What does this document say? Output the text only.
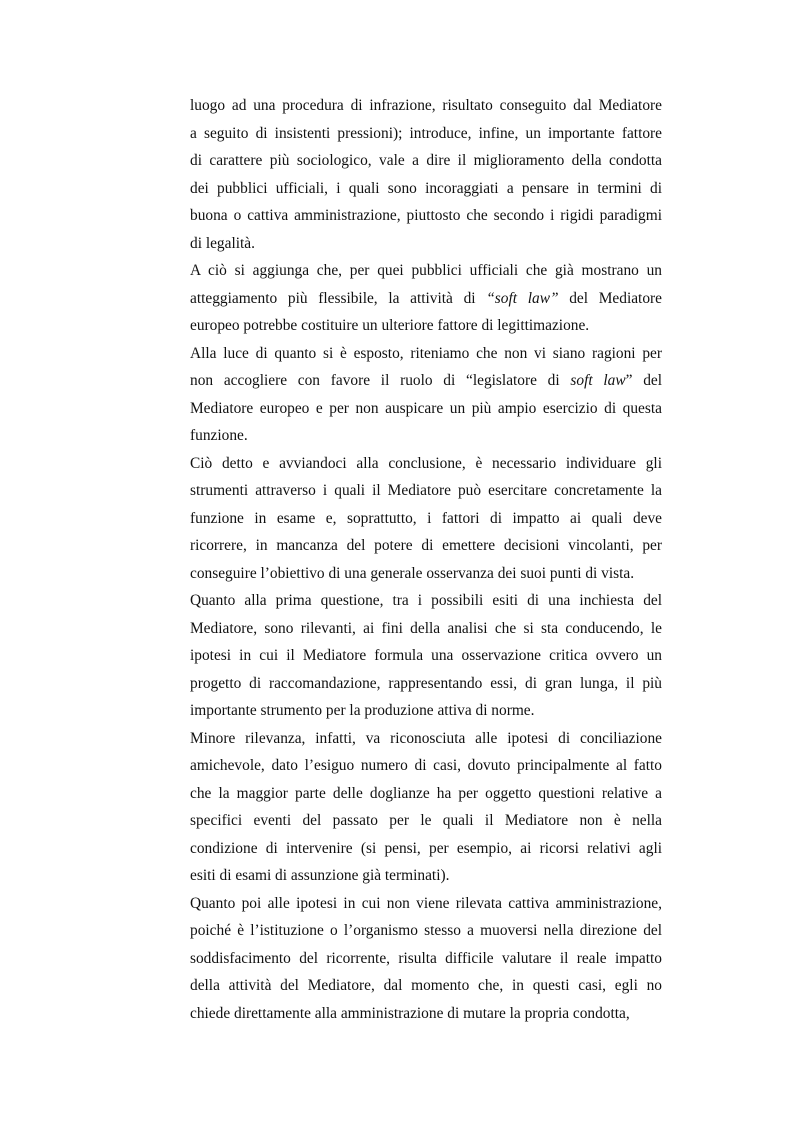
luogo ad una procedura di infrazione, risultato conseguito dal Mediatore
a seguito di insistenti pressioni); introduce, infine, un importante fattore
di carattere più sociologico, vale a dire il miglioramento della condotta
dei pubblici ufficiali, i quali sono incoraggiati a pensare in termini di
buona o cattiva amministrazione, piuttosto che secondo i rigidi paradigmi
di legalità.
A ciò si aggiunga che, per quei pubblici ufficiali che già mostrano un
atteggiamento più flessibile, la attività di “soft law” del Mediatore
europeo potrebbe costituire un ulteriore fattore di legittimazione.
Alla luce di quanto si è esposto, riteniamo che non vi siano ragioni per
non accogliere con favore il ruolo di “legislatore di soft law” del
Mediatore europeo e per non auspicare un più ampio esercizio di questa
funzione.
Ciò detto e avviandoci alla conclusione, è necessario individuare gli
strumenti attraverso i quali il Mediatore può esercitare concretamente la
funzione in esame e, soprattutto, i fattori di impatto ai quali deve
ricorrere, in mancanza del potere di emettere decisioni vincolanti, per
conseguire l’obiettivo di una generale osservanza dei suoi punti di vista.
Quanto alla prima questione, tra i possibili esiti di una inchiesta del
Mediatore, sono rilevanti, ai fini della analisi che si sta conducendo, le
ipotesi in cui il Mediatore formula una osservazione critica ovvero un
progetto di raccomandazione, rappresentando essi, di gran lunga, il più
importante strumento per la produzione attiva di norme.
Minore rilevanza, infatti, va riconosciuta alle ipotesi di conciliazione
amichevole, dato l’esiguo numero di casi, dovuto principalmente al fatto
che la maggior parte delle doglianze ha per oggetto questioni relative a
specifici eventi del passato per le quali il Mediatore non è nella
condizione di intervenire (si pensi, per esempio, ai ricorsi relativi agli
esiti di esami di assunzione già terminati).
Quanto poi alle ipotesi in cui non viene rilevata cattiva amministrazione,
poiché è l’istituzione o l’organismo stesso a muoversi nella direzione del
soddisfacimento del ricorrente, risulta difficile valutare il reale impatto
della attività del Mediatore, dal momento che, in questi casi, egli no
chiede direttamente alla amministrazione di mutare la propria condotta,
